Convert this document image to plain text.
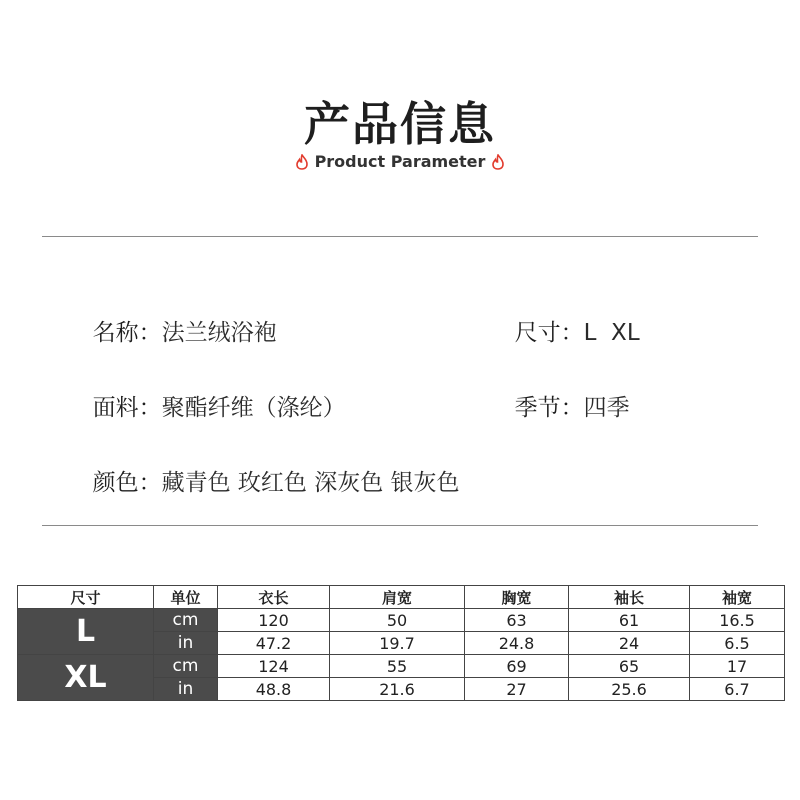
产品信息
Product Parameter

名称：法兰绒浴袍	尺寸：L  XL

面料：聚酯纤维（涤纶）	季节：四季

颜色：藏青色 玫红色 深灰色 银灰色

尺寸	单位	衣长	肩宽	胸宽	袖长	袖宽
L	cm	120	50	63	61	16.5
	in	47.2	19.7	24.8	24	6.5
XL	cm	124	55	69	65	17
	in	48.8	21.6	27	25.6	6.7
